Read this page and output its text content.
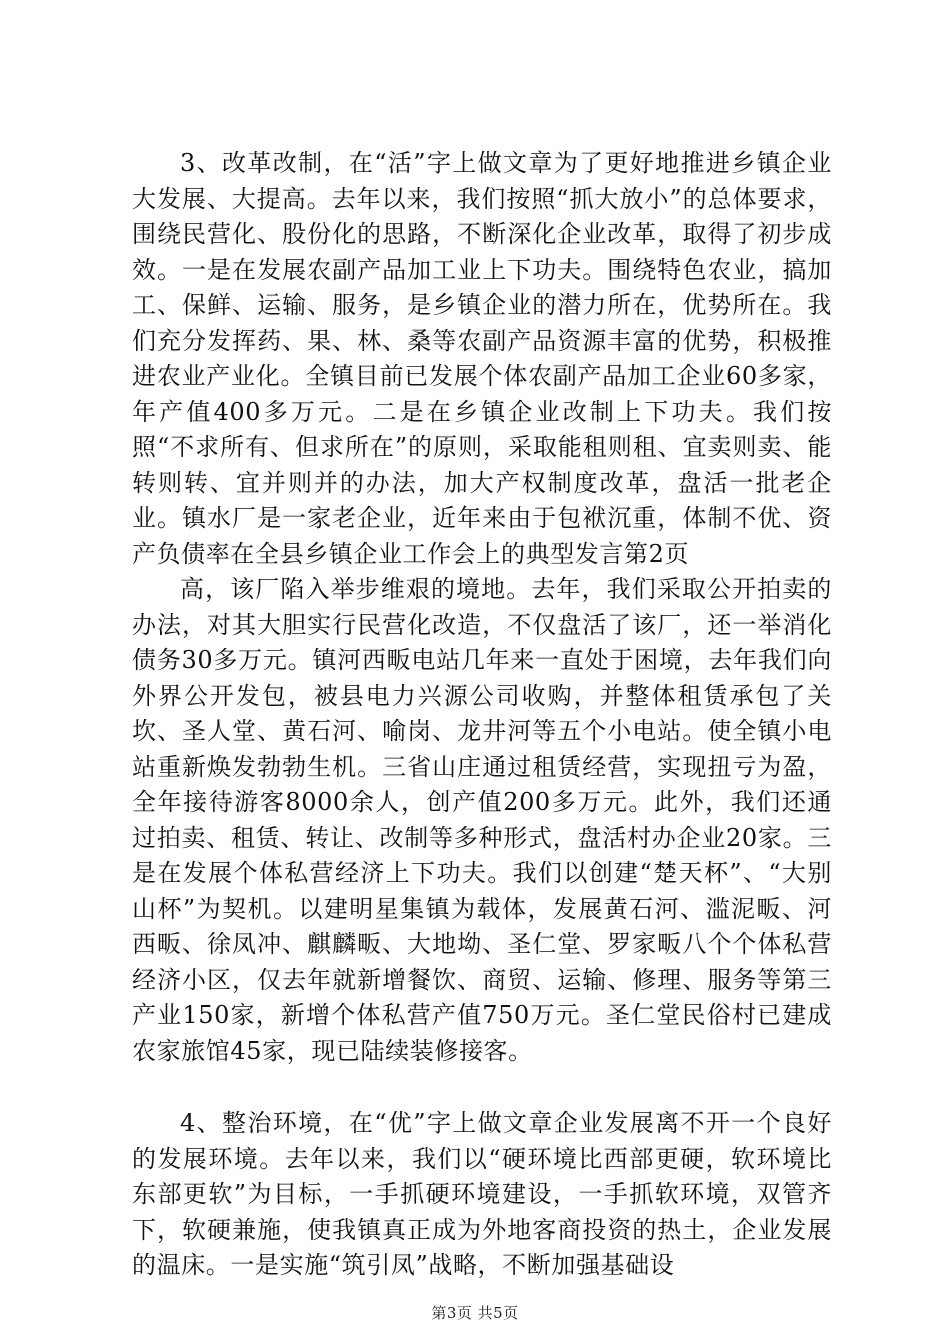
3、改革改制，在“活”字上做文章为了更好地推进乡镇企业大发展、大提高。去年以来，我们按照“抓大放小”的总体要求，围绕民营化、股份化的思路，不断深化企业改革，取得了初步成效。一是在发展农副产品加工业上下功夫。围绕特色农业，搞加工、保鲜、运输、服务，是乡镇企业的潜力所在，优势所在。我们充分发挥药、果、林、桑等农副产品资源丰富的优势，积极推进农业产业化。全镇目前已发展个体农副产品加工企业60多家，年产值400多万元。二是在乡镇企业改制上下功夫。我们按照“不求所有、但求所在”的原则，采取能租则租、宜卖则卖、能转则转、宜并则并的办法，加大产权制度改革，盘活一批老企业。镇水厂是一家老企业，近年来由于包袱沉重，体制不优、资产负债率在全县乡镇企业工作会上的典型发言第2页

高，该厂陷入举步维艰的境地。去年，我们采取公开拍卖的办法，对其大胆实行民营化改造，不仅盘活了该厂，还一举消化债务30多万元。镇河西畈电站几年来一直处于困境，去年我们向外界公开发包，被县电力兴源公司收购，并整体租赁承包了关坎、圣人堂、黄石河、喻岗、龙井河等五个小电站。使全镇小电站重新焕发勃勃生机。三省山庄通过租赁经营，实现扭亏为盈，全年接待游客8000余人，创产值200多万元。此外，我们还通过拍卖、租赁、转让、改制等多种形式，盘活村办企业20家。三是在发展个体私营经济上下功夫。我们以创建“楚天杯”、“大别山杯”为契机。以建明星集镇为载体，发展黄石河、滥泥畈、河西畈、徐凤冲、麒麟畈、大地坳、圣仁堂、罗家畈八个个体私营经济小区，仅去年就新增餐饮、商贸、运输、修理、服务等第三产业150家，新增个体私营产值750万元。圣仁堂民俗村已建成农家旅馆45家，现已陆续装修接客。

4、整治环境，在“优”字上做文章企业发展离不开一个良好的发展环境。去年以来，我们以“硬环境比西部更硬，软环境比东部更软”为目标，一手抓硬环境建设，一手抓软环境，双管齐下，软硬兼施，使我镇真正成为外地客商投资的热土，企业发展的温床。一是实施“筑引凤”战略，不断加强基础设

第3页 共5页
